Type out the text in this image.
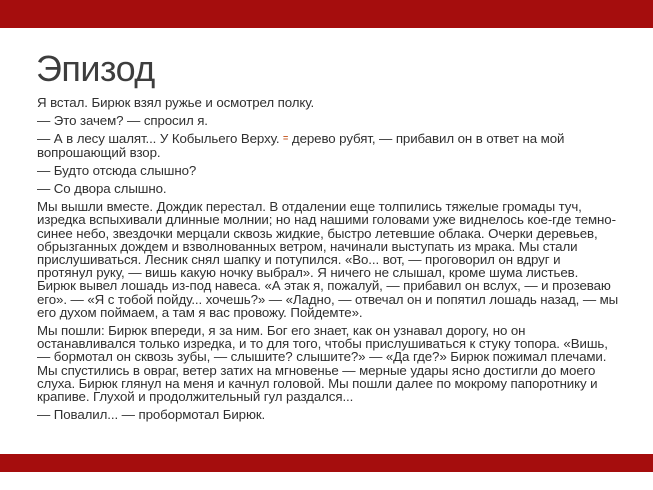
Эпизод

Я встал. Бирюк взял ружье и осмотрел полку.

— Это зачем? — спросил я.

— А в лесу шалят... У Кобыльего Верху. = дерево рубят, — прибавил он в ответ на мой вопрошающий взор.

— Будто отсюда слышно?

— Со двора слышно.

Мы вышли вместе. Дождик перестал. В отдалении еще толпились тяжелые громады туч, изредка вспыхивали длинные молнии; но над нашими головами уже виднелось кое-где темно-синее небо, звездочки мерцали сквозь жидкие, быстро летевшие облака. Очерки деревьев, обрызганных дождем и взволнованных ветром, начинали выступать из мрака. Мы стали прислушиваться. Лесник снял шапку и потупился. «Во... вот, — проговорил он вдруг и протянул руку, — вишь какую ночку выбрал». Я ничего не слышал, кроме шума листьев. Бирюк вывел лошадь из-под навеса. «А этак я, пожалуй, — прибавил он вслух, — и прозеваю его». — «Я с тобой пойду... хочешь?» — «Ладно, — отвечал он и попятил лошадь назад, — мы его духом поймаем, а там я вас провожу. Пойдемте».

Мы пошли: Бирюк впереди, я за ним. Бог его знает, как он узнавал дорогу, но он останавливался только изредка, и то для того, чтобы прислушиваться к стуку топора. «Вишь, — бормотал он сквозь зубы, — слышите? слышите?» — «Да где?» Бирюк пожимал плечами. Мы спустились в овраг, ветер затих на мгновенье — мерные удары ясно достигли до моего слуха. Бирюк глянул на меня и качнул головой. Мы пошли далее по мокрому папоротнику и крапиве. Глухой и продолжительный гул раздался...

— Повалил... — пробормотал Бирюк.
